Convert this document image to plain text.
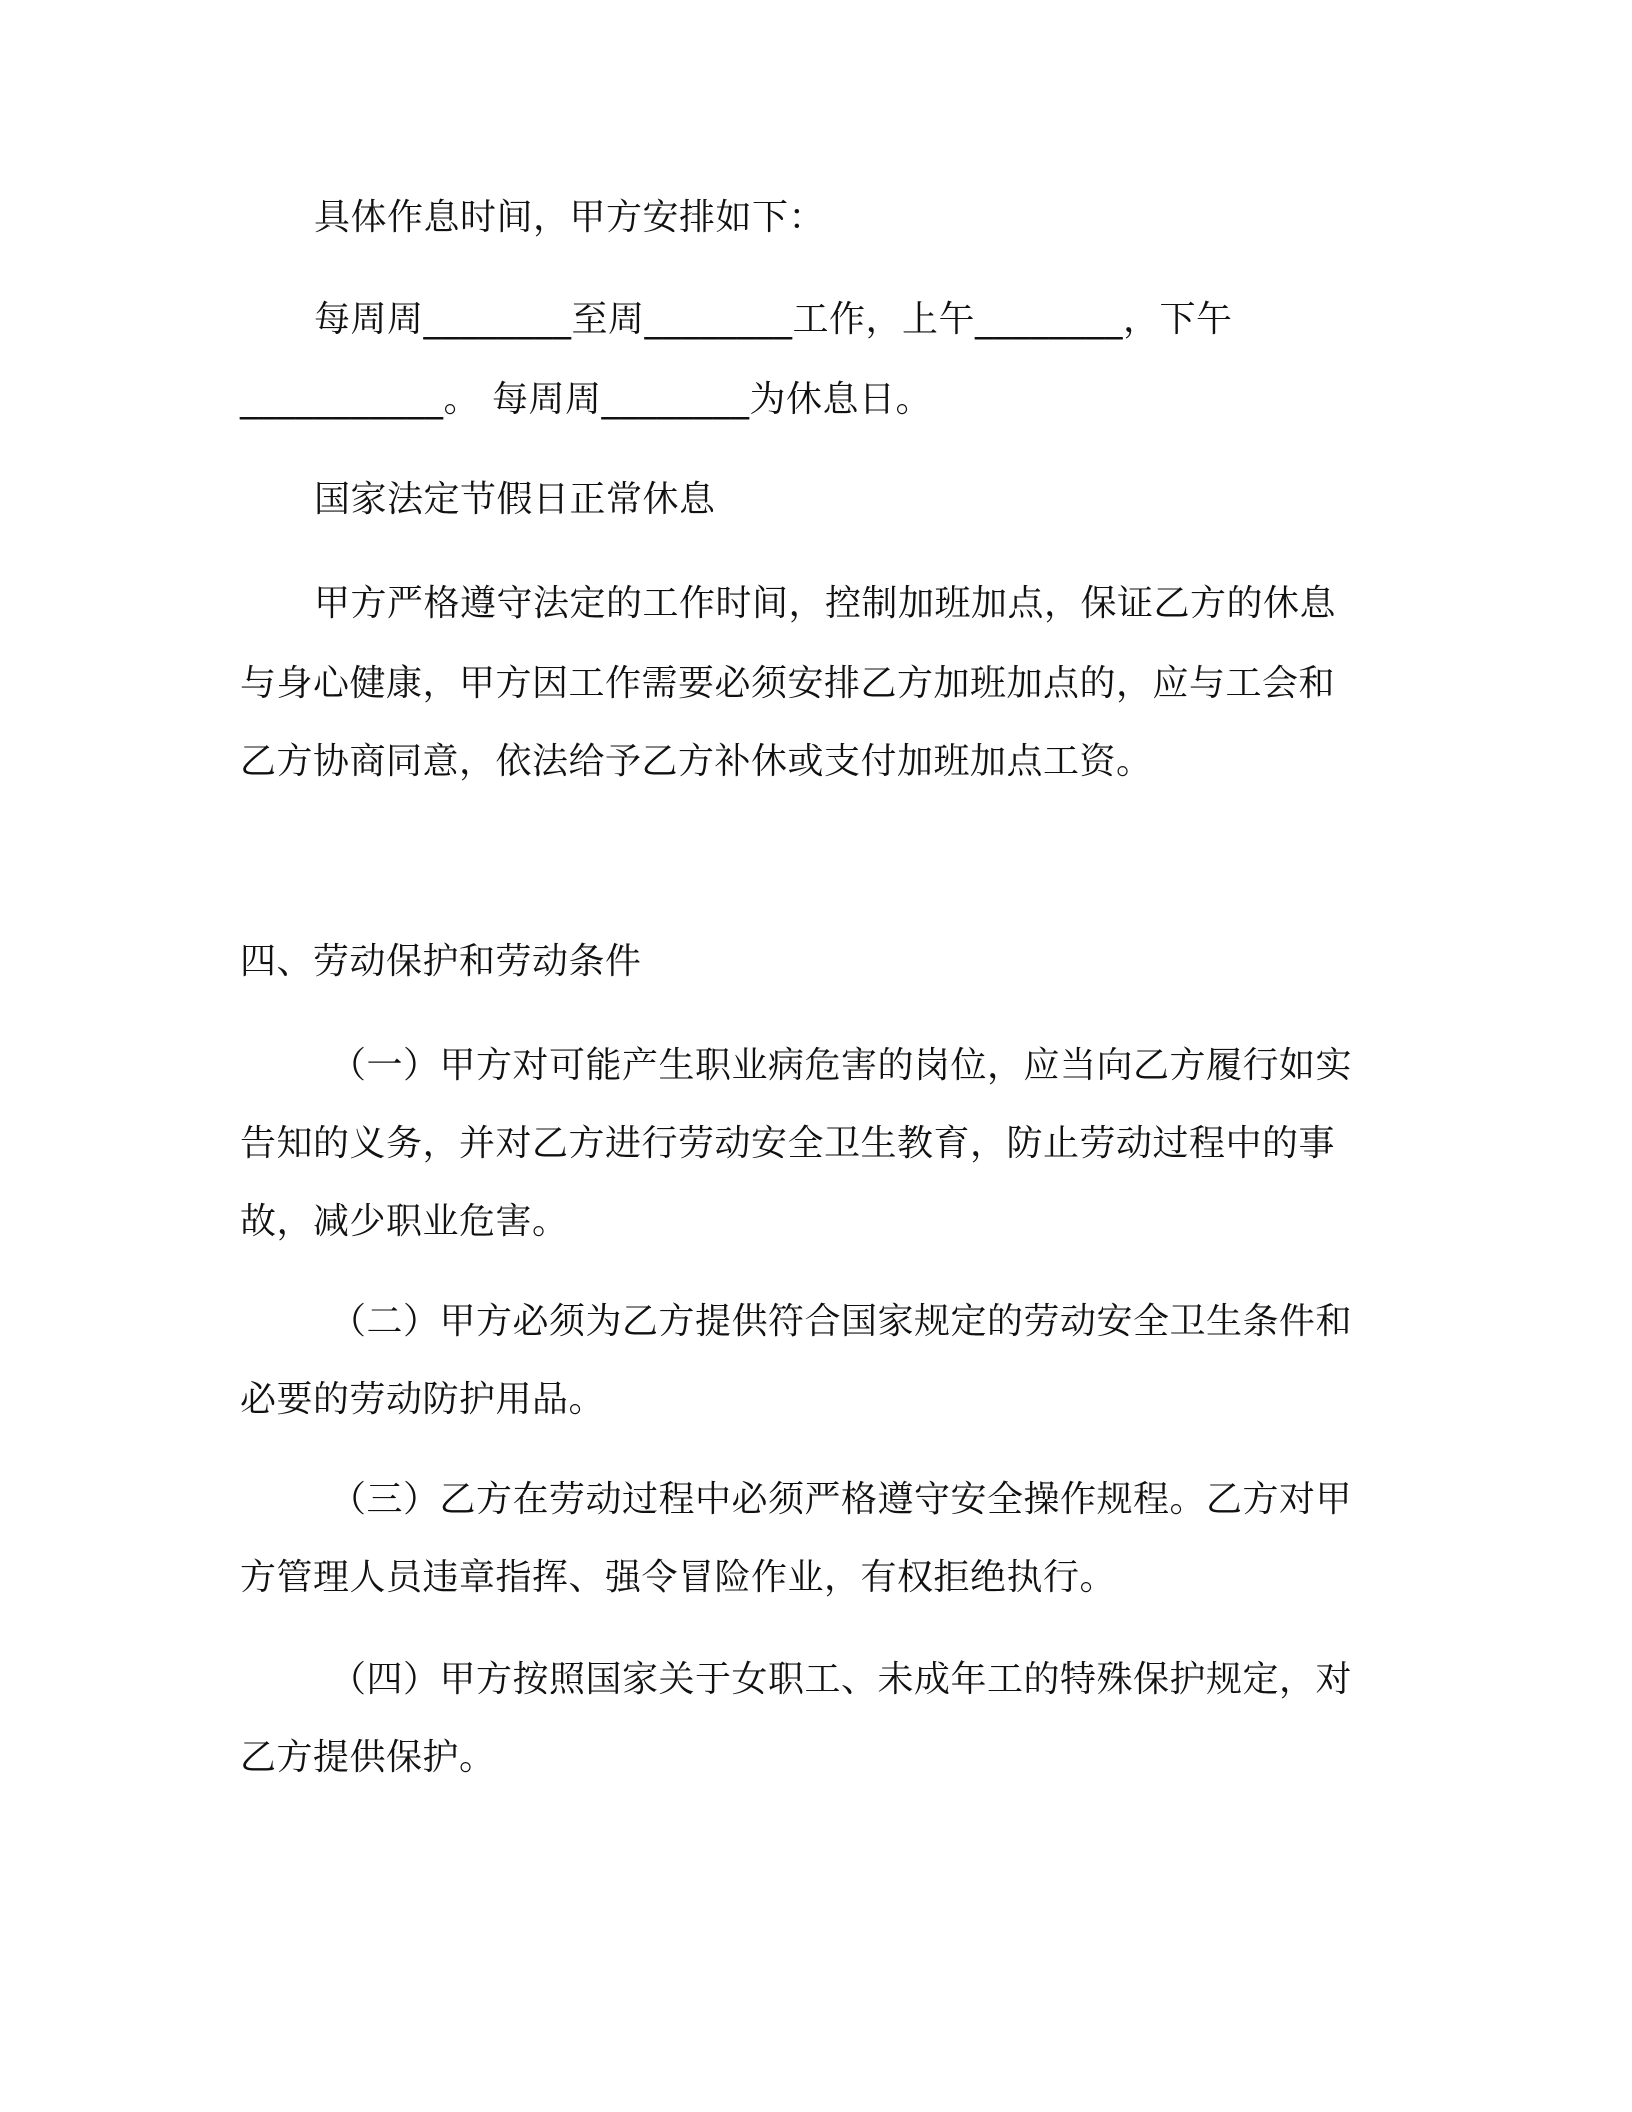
具体作息时间，甲方安排如下：
每周周________至周________工作，上午________，下午
___________。 每周周________为休息日。
国家法定节假日正常休息
甲方严格遵守法定的工作时间，控制加班加点，保证乙方的休息
与身心健康，甲方因工作需要必须安排乙方加班加点的，应与工会和
乙方协商同意，依法给予乙方补休或支付加班加点工资。
四、劳动保护和劳动条件
（一）甲方对可能产生职业病危害的岗位，应当向乙方履行如实
告知的义务，并对乙方进行劳动安全卫生教育，防止劳动过程中的事
故，减少职业危害。
（二）甲方必须为乙方提供符合国家规定的劳动安全卫生条件和
必要的劳动防护用品。
（三）乙方在劳动过程中必须严格遵守安全操作规程。乙方对甲
方管理人员违章指挥、强令冒险作业，有权拒绝执行。
（四）甲方按照国家关于女职工、未成年工的特殊保护规定，对
乙方提供保护。
